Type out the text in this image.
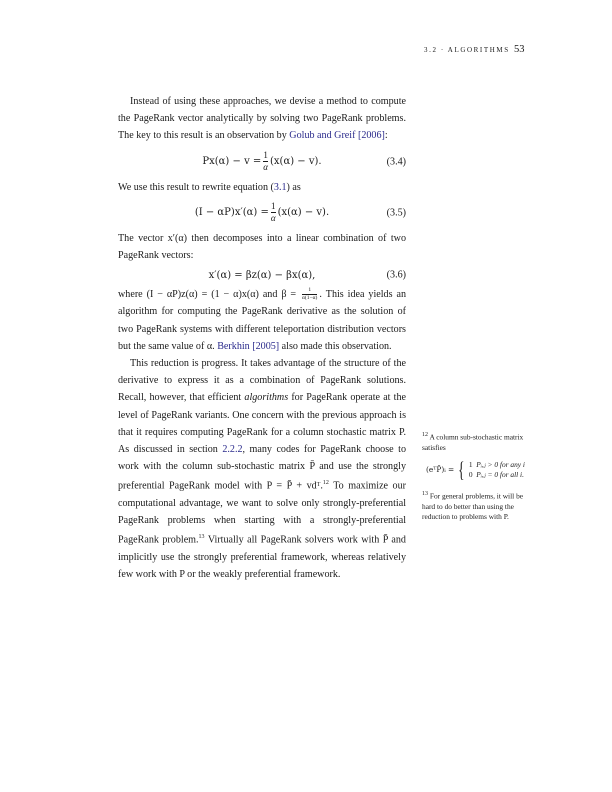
3.2 · ALGORITHMS 53

Instead of using these approaches, we devise a method to compute the PageRank vector analytically by solving two PageRank problems. The key to this result is an observation by Golub and Greif [2006]:

$Px(\alpha) - v = \frac{1}{\alpha} (x(\alpha) - v)$.	(3.4)

We use this result to rewrite equation (3.1) as

$(I - \alpha P)x'(\alpha) = \frac{1}{\alpha} (x(\alpha) - v)$.	(3.5)

The vector x′(α) then decomposes into a linear combination of two PageRank vectors:

x′(α) = βz(α) − βx(α),	(3.6)

where (I − αP)z(α) = (1 − α)x(α) and $\beta = \frac{1}{\alpha(1-\alpha)}$ . This idea yields an algorithm for computing the PageRank derivative as the solution of two PageRank systems with different teleportation distribution vectors but the same value of α. Berkhin [2005] also made this observation.

This reduction is progress. It takes advantage of the structure of the derivative to express it as a combination of PageRank solutions. Recall, however, that efficient algorithms for PageRank operate at the level of PageRank variants. One concern with the previous approach is that it requires computing PageRank for a column stochastic matrix P. As discussed in section 2.2.2, many codes for PageRank choose to work with the column sub-stochastic matrix P̄ and use the strongly preferential PageRank model with P = P̄ + vdᵀ.$^{12}$ To maximize our computational advantage, we want to solve only strongly-preferential PageRank problems when starting with a strongly-preferential PageRank problem.$^{13}$ Virtually all PageRank solvers work with P̄ and implicitly use the strongly preferential framework, whereas relatively few work with P or the weakly preferential framework.

$^{12}$ A column sub-stochastic matrix satisfies
(eᵀP̄)ᵢ = { 1 Pᵢ,ⱼ > 0 for any i
0 Pᵢ,ⱼ = 0 for all i.
$^{13}$ For general problems, it will be hard to do better than using the reduction to problems with P.
